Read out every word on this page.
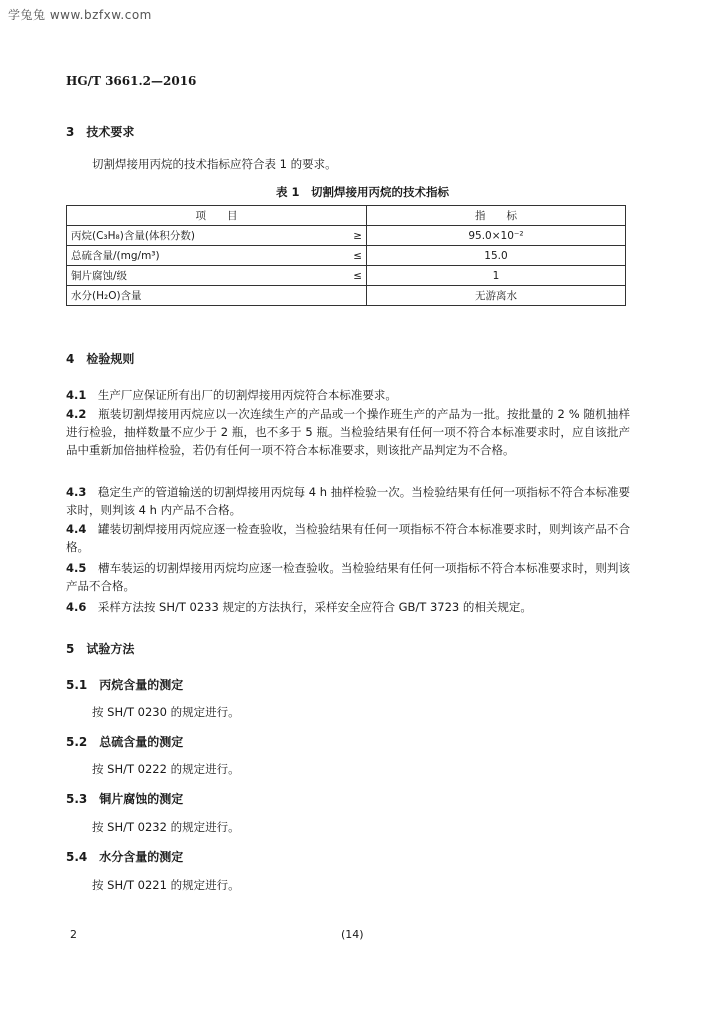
学兔兔 www.bzfxw.com
HG/T 3661.2—2016
3　技术要求
切割焊接用丙烷的技术指标应符合表 1 的要求。
表 1　切割焊接用丙烷的技术指标
项　　目		指　　标
丙烷(C₃H₈)含量(体积分数)	≥	95.0×10⁻²
总硫含量/(mg/m³)	≤	15.0
铜片腐蚀/级	≤	1
水分(H₂O)含量		无游离水
4　检验规则
4.1　 生产厂应保证所有出厂的切割焊接用丙烷符合本标准要求。
4.2　 瓶装切割焊接用丙烷应以一次连续生产的产品或一个操作班生产的产品为一批。按批量的 2 % 随机抽样进行检验，抽样数量不应少于 2 瓶，也不多于 5 瓶。当检验结果有任何一项不符合本标准要求时，应自该批产品中重新加倍抽样检验，若仍有任何一项不符合本标准要求，则该批产品判定为不合格。
4.3　 稳定生产的管道输送的切割焊接用丙烷每 4 h 抽样检验一次。当检验结果有任何一项指标不符合本标准要求时，则判该 4 h 内产品不合格。
4.4　 罐装切割焊接用丙烷应逐一检查验收，当检验结果有任何一项指标不符合本标准要求时，则判该产品不合格。
4.5　 槽车装运的切割焊接用丙烷均应逐一检查验收。当检验结果有任何一项指标不符合本标准要求时，则判该产品不合格。
4.6　 采样方法按 SH/T 0233 规定的方法执行，采样安全应符合 GB/T 3723 的相关规定。
5　试验方法
5.1　丙烷含量的测定
按 SH/T 0230 的规定进行。
5.2　总硫含量的测定
按 SH/T 0222 的规定进行。
5.3　铜片腐蚀的测定
按 SH/T 0232 的规定进行。
5.4　水分含量的测定
按 SH/T 0221 的规定进行。
2	(14)
